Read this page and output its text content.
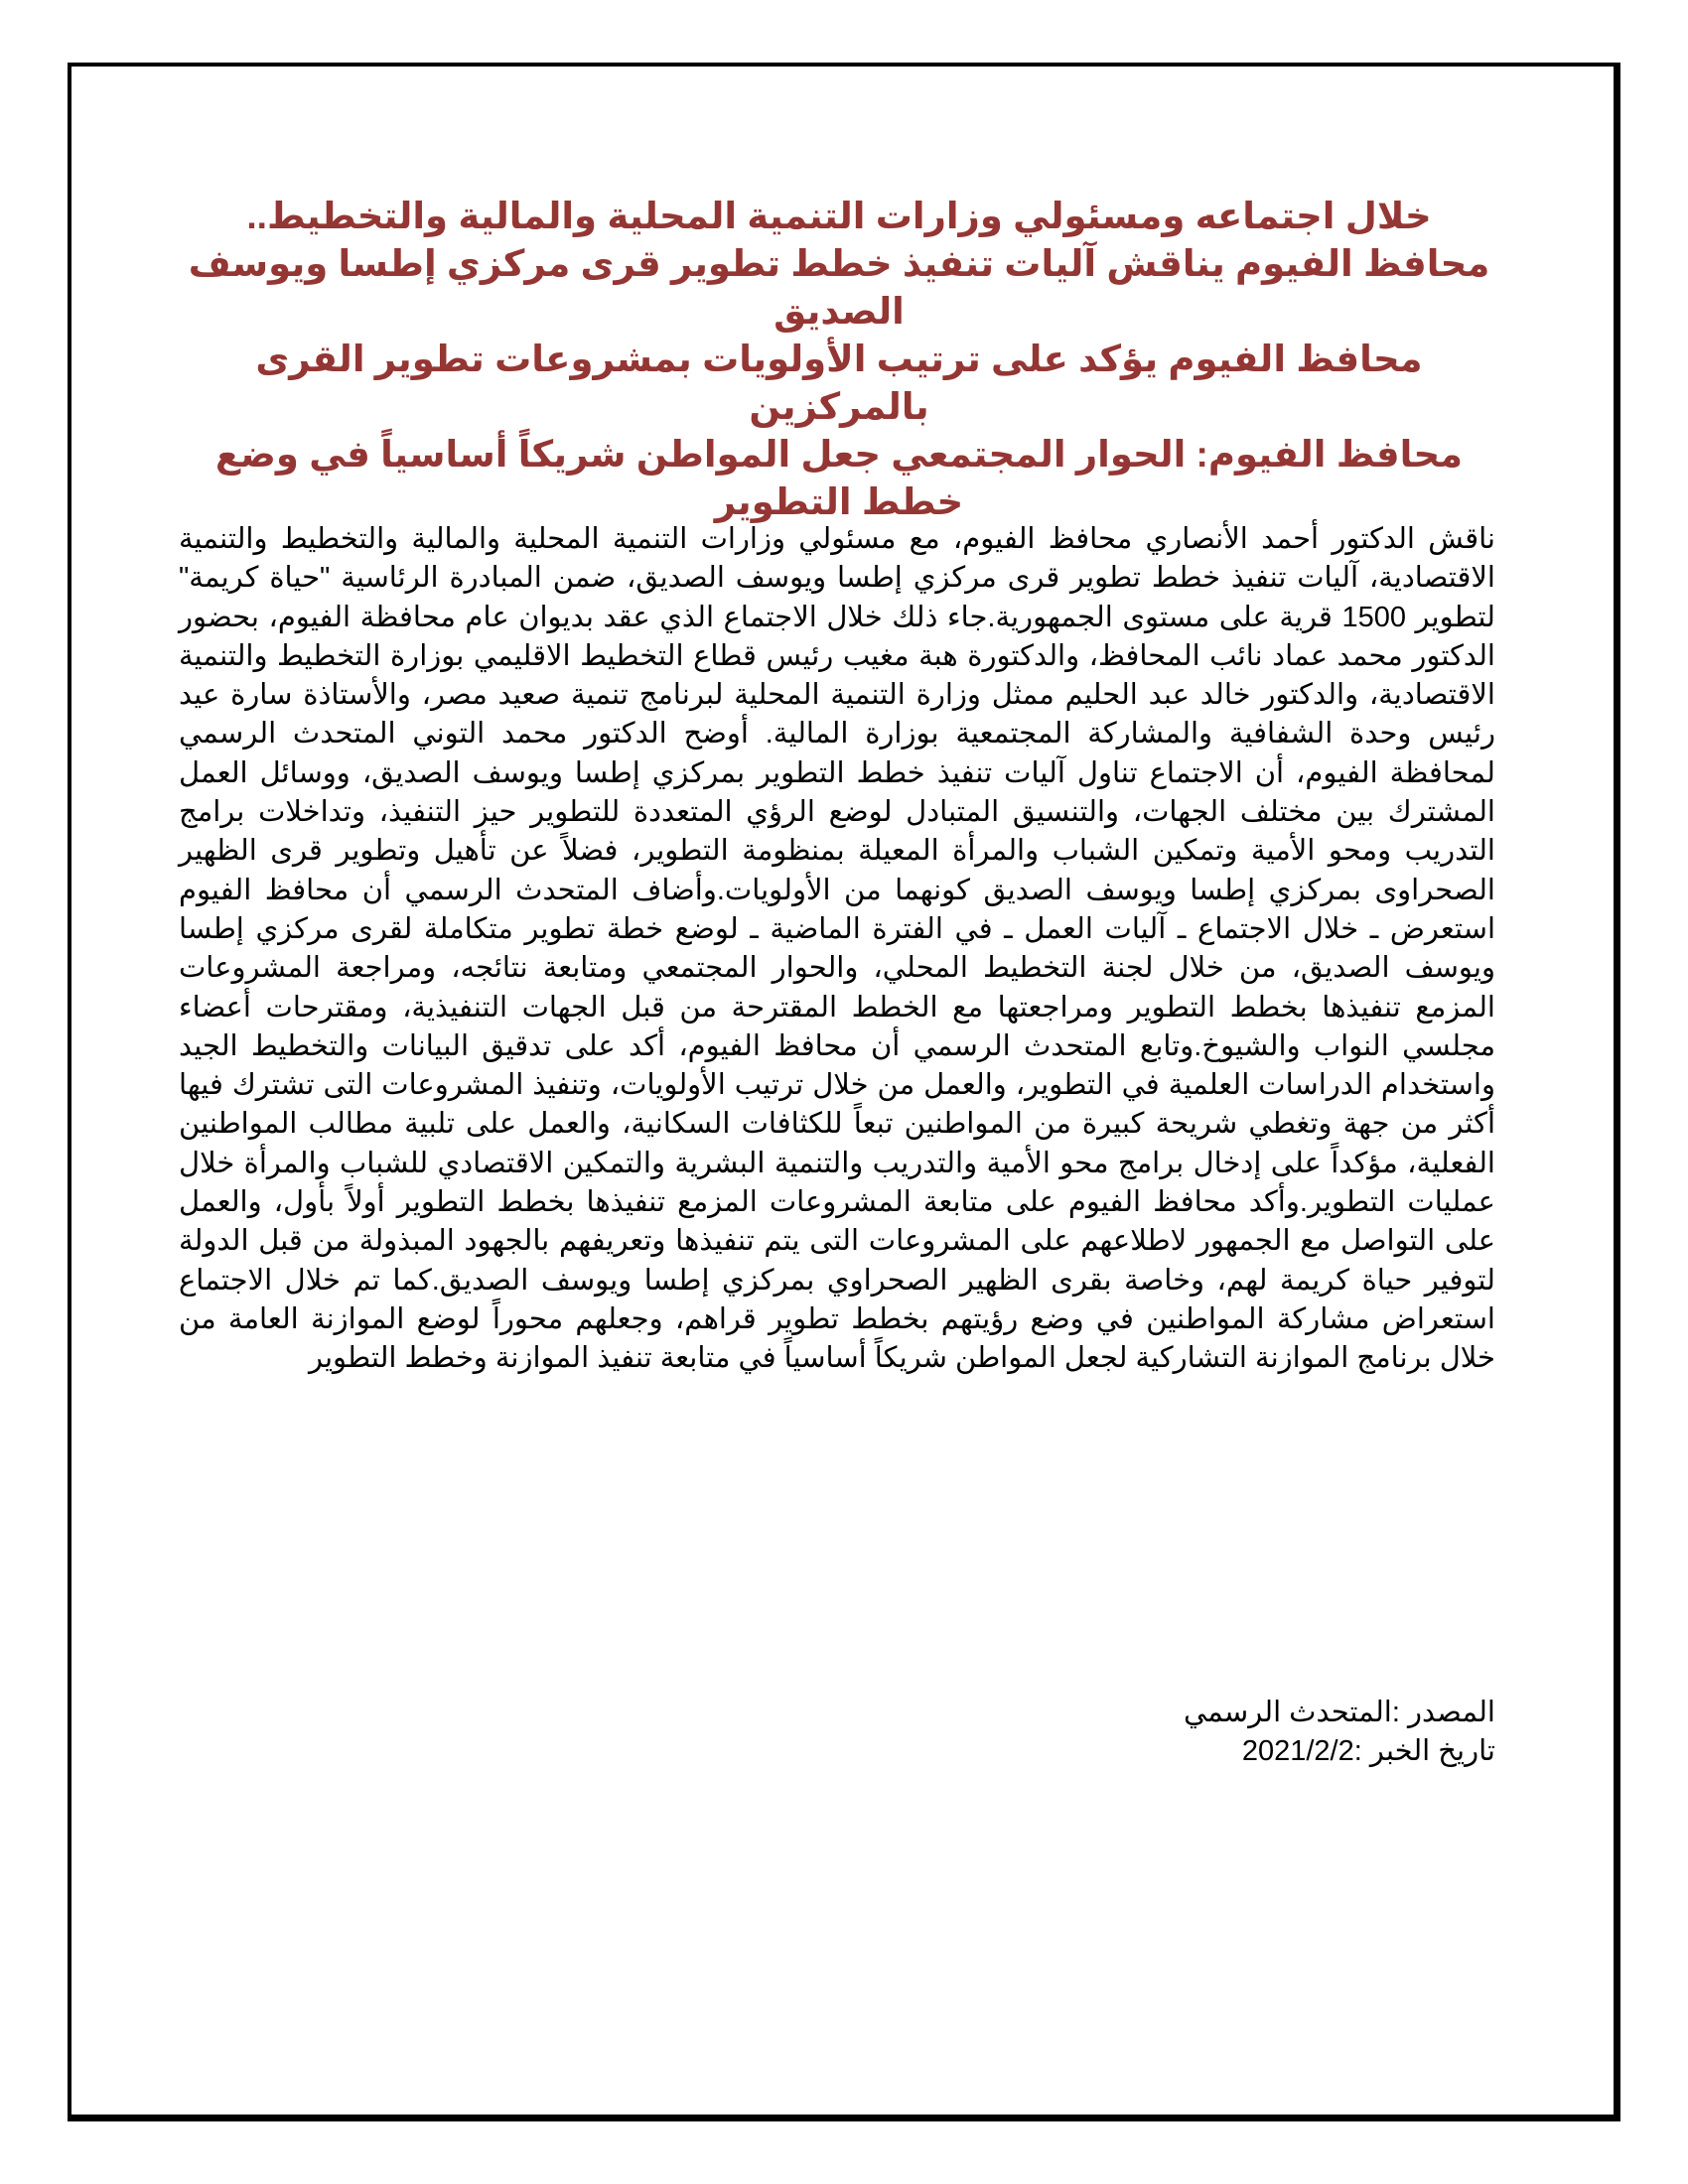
خلال اجتماعه ومسئولي وزارات التنمية المحلية والمالية والتخطيط..

محافظ الفيوم يناقش آليات تنفيذ خطط تطوير قرى مركزي إطسا ويوسف الصديق

محافظ الفيوم يؤكد على ترتيب الأولويات بمشروعات تطوير القرى بالمركزين

محافظ الفيوم: الحوار المجتمعي جعل المواطن شريكاً أساسياً في وضع خطط التطوير

ناقش الدكتور أحمد الأنصاري محافظ الفيوم، مع مسئولي وزارات التنمية المحلية والمالية والتخطيط والتنمية الاقتصادية، آليات تنفيذ خطط تطوير قرى مركزي إطسا ويوسف الصديق، ضمن المبادرة الرئاسية "حياة كريمة" لتطوير 1500 قرية على مستوى الجمهورية.جاء ذلك خلال الاجتماع الذي عقد بديوان عام محافظة الفيوم، بحضور الدكتور محمد عماد نائب المحافظ، والدكتورة هبة مغيب رئيس قطاع التخطيط الاقليمي بوزارة التخطيط والتنمية الاقتصادية، والدكتور خالد عبد الحليم ممثل وزارة التنمية المحلية لبرنامج تنمية صعيد مصر، والأستاذة سارة عيد رئيس وحدة الشفافية والمشاركة المجتمعية بوزارة المالية. أوضح الدكتور محمد التوني المتحدث الرسمي لمحافظة الفيوم، أن الاجتماع تناول آليات تنفيذ خطط التطوير بمركزي إطسا ويوسف الصديق، ووسائل العمل المشترك بين مختلف الجهات، والتنسيق المتبادل لوضع الرؤي المتعددة للتطوير حيز التنفيذ، وتداخلات برامج التدريب ومحو الأمية وتمكين الشباب والمرأة المعيلة بمنظومة التطوير، فضلاً عن تأهيل وتطوير قرى الظهير الصحراوى بمركزي إطسا ويوسف الصديق كونهما من الأولويات.وأضاف المتحدث الرسمي أن محافظ الفيوم استعرض ـ خلال الاجتماع ـ آليات العمل ـ في الفترة الماضية ـ لوضع خطة تطوير متكاملة لقرى مركزي إطسا ويوسف الصديق، من خلال لجنة التخطيط المحلي، والحوار المجتمعي ومتابعة نتائجه، ومراجعة المشروعات المزمع تنفيذها بخطط التطوير ومراجعتها مع الخطط المقترحة من قبل الجهات التنفيذية، ومقترحات أعضاء مجلسي النواب والشيوخ.وتابع المتحدث الرسمي أن محافظ الفيوم، أكد على تدقيق البيانات والتخطيط الجيد واستخدام الدراسات العلمية في التطوير، والعمل من خلال ترتيب الأولويات، وتنفيذ المشروعات التى تشترك فيها أكثر من جهة وتغطي شريحة كبيرة من المواطنين تبعاً للكثافات السكانية، والعمل على تلبية مطالب المواطنين الفعلية، مؤكداً على إدخال برامج محو الأمية والتدريب والتنمية البشرية والتمكين الاقتصادي للشباب والمرأة خلال عمليات التطوير.وأكد محافظ الفيوم على متابعة المشروعات المزمع تنفيذها بخطط التطوير أولاً بأول، والعمل على التواصل مع الجمهور لاطلاعهم على المشروعات التى يتم تنفيذها وتعريفهم بالجهود المبذولة من قبل الدولة لتوفير حياة كريمة لهم، وخاصة بقرى الظهير الصحراوي بمركزي إطسا ويوسف الصديق.كما تم خلال الاجتماع استعراض مشاركة المواطنين في وضع رؤيتهم بخطط تطوير قراهم، وجعلهم محوراً لوضع الموازنة العامة من خلال برنامج الموازنة التشاركية لجعل المواطن شريكاً أساسياً في متابعة تنفيذ الموازنة وخطط التطوير

المصدر :المتحدث الرسمي
تاريخ الخبر :2021/2/2
